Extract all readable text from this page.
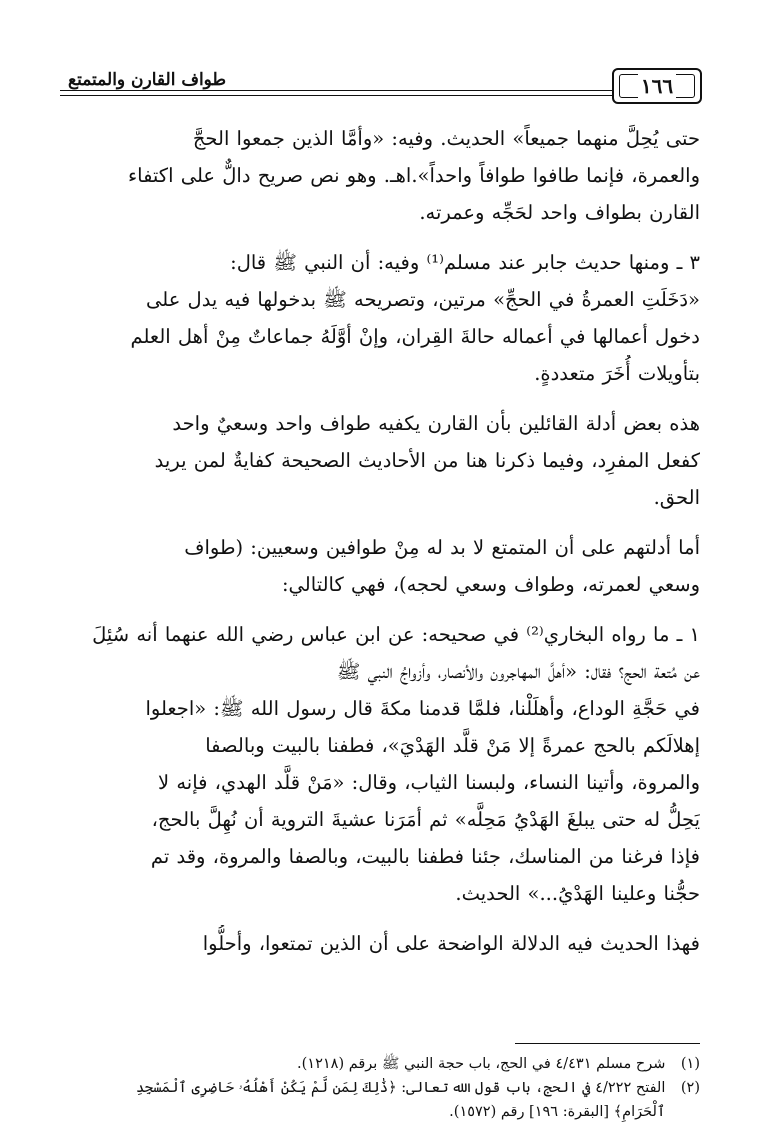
١٦٦
طواف القارن والمتمتع
حتى يُحِلَّ منهما جميعاً» الحديث. وفيه: «وأمَّا الذين جمعوا الحجَّ
والعمرة، فإنما طافوا طوافاً واحداً».اهـ. وهو نص صريح دالٌّ على اكتفاء
القارن بطواف واحد لحَجِّه وعمرته.
٣ ـ ومنها حديث جابر عند مسلم⁽¹⁾ وفيه: أن النبي ﷺ قال:
«دَخَلَتِ العمرةُ في الحجِّ» مرتين، وتصريحه ﷺ بدخولها فيه يدل على
دخول أعمالها في أعماله حالةَ القِران، وإنْ أوَّلَهُ جماعاتٌ مِنْ أهل العلم
بتأويلات أُخَرَ متعددةٍ.
هذه بعض أدلة القائلين بأن القارن يكفيه طواف واحد وسعيٌ واحد
كفعل المفرِد، وفيما ذكرنا هنا من الأحاديث الصحيحة كفايةٌ لمن يريد
الحق.
أما أدلتهم على أن المتمتع لا بد له مِنْ طوافين وسعيين: (طواف
وسعي لعمرته، وطواف وسعي لحجه)، فهي كالتالي:
١ ـ ما رواه البخاري⁽²⁾ في صحيحه: عن ابن عباس رضي الله عنهما أنه سُئِلَ
عن مُتعة الحج؟ فقال: «أهلَّ المهاجرون والأنصار، وأزواجُ النبي ﷺ
في حَجَّةِ الوداع، وأهلَلْنا، فلمَّا قدمنا مكةَ قال رسول الله ﷺ: «اجعلوا
إهلالَكم بالحج عمرةً إلا مَنْ قلَّد الهَدْيَ»، فطفنا بالبيت وبالصفا
والمروة، وأتينا النساء، ولبسنا الثياب، وقال: «مَنْ قلَّد الهدي، فإنه لا
يَحِلُّ له حتى يبلغَ الهَدْيُ مَحِلَّه» ثم أمَرَنا عشيةَ التروية أن نُهِلَّ بالحج،
فإذا فرغنا من المناسك، جئنا فطفنا بالبيت، وبالصفا والمروة، وقد تم
حجُّنا وعلينا الهَدْيُ...» الحديث.
فهذا الحديث فيه الدلالة الواضحة على أن الذين تمتعوا، وأحلُّوا

(١) شرح مسلم ٤/٤٣١ في الحج، باب حجة النبي ﷺ برقم (١٢١٨).

(٢) الفتح ٤/٢٢٢ في الحج، باب قول الله تعالى: ﴿ذَٰلِكَ لِمَن لَّمْ يَكُنْ أَهْلُهُۥ حَاضِرِى ٱلْمَسْجِدِ

ٱلْحَرَامِ﴾ [البقرة: ١٩٦] رقم (١٥٧٢).
